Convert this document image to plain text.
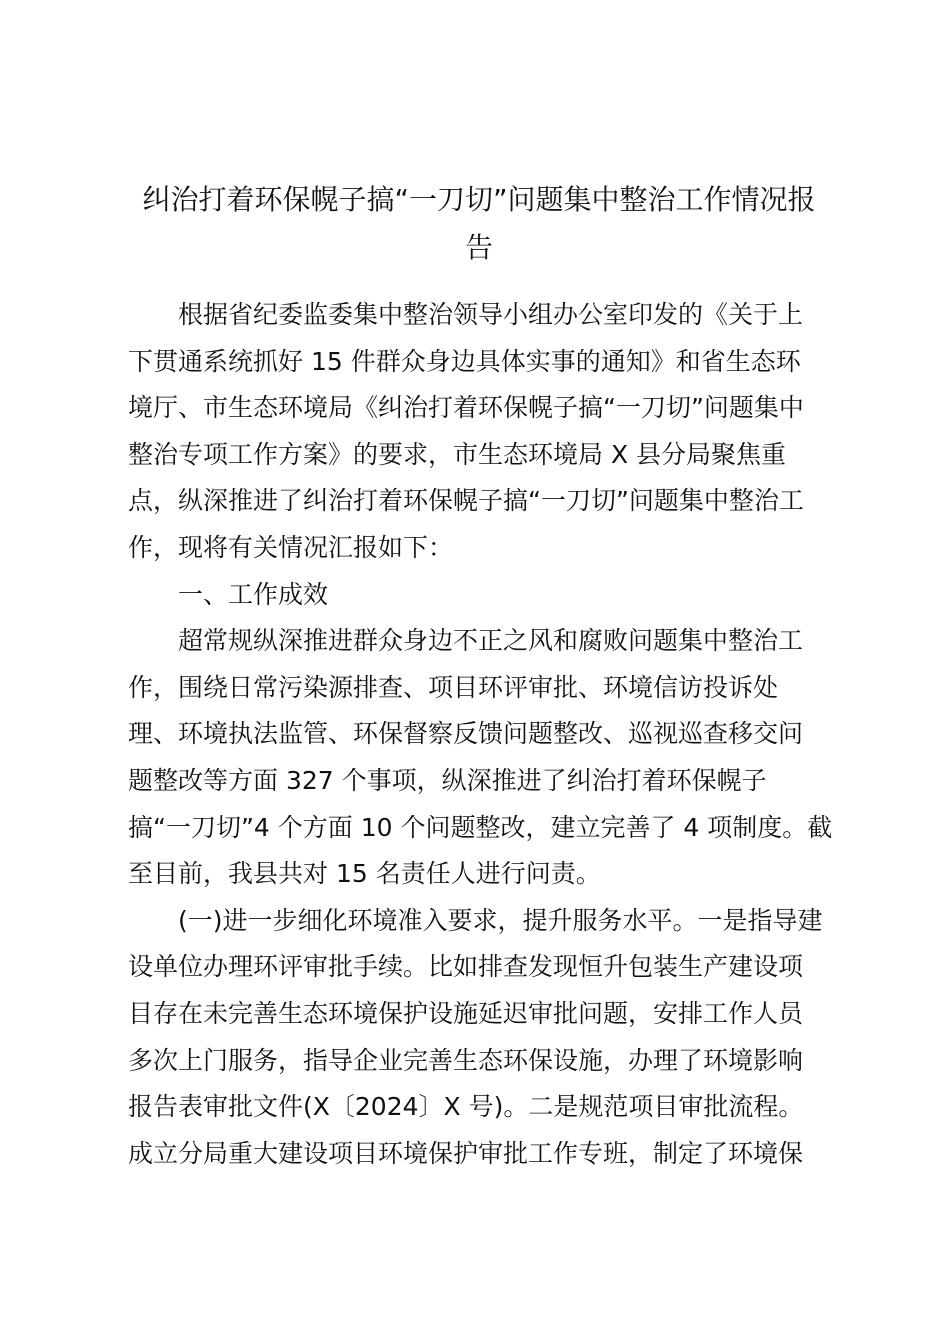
纠治打着环保幌子搞“一刀切”问题集中整治工作情况报
告
根据省纪委监委集中整治领导小组办公室印发的《关于上
下贯通系统抓好 15 件群众身边具体实事的通知》和省生态环
境厅、市生态环境局《纠治打着环保幌子搞“一刀切”问题集中
整治专项工作方案》的要求，市生态环境局 X 县分局聚焦重
点，纵深推进了纠治打着环保幌子搞“一刀切”问题集中整治工
作，现将有关情况汇报如下：
一、工作成效
超常规纵深推进群众身边不正之风和腐败问题集中整治工
作，围绕日常污染源排查、项目环评审批、环境信访投诉处
理、环境执法监管、环保督察反馈问题整改、巡视巡查移交问
题整改等方面 327 个事项，纵深推进了纠治打着环保幌子
搞“一刀切”4 个方面 10 个问题整改，建立完善了 4 项制度。截
至目前，我县共对 15 名责任人进行问责。
(一)进一步细化环境准入要求，提升服务水平。一是指导建
设单位办理环评审批手续。比如排查发现恒升包装生产建设项
目存在未完善生态环境保护设施延迟审批问题，安排工作人员
多次上门服务，指导企业完善生态环保设施，办理了环境影响
报告表审批文件(X〔2024〕X 号)。二是规范项目审批流程。
成立分局重大建设项目环境保护审批工作专班，制定了环境保
